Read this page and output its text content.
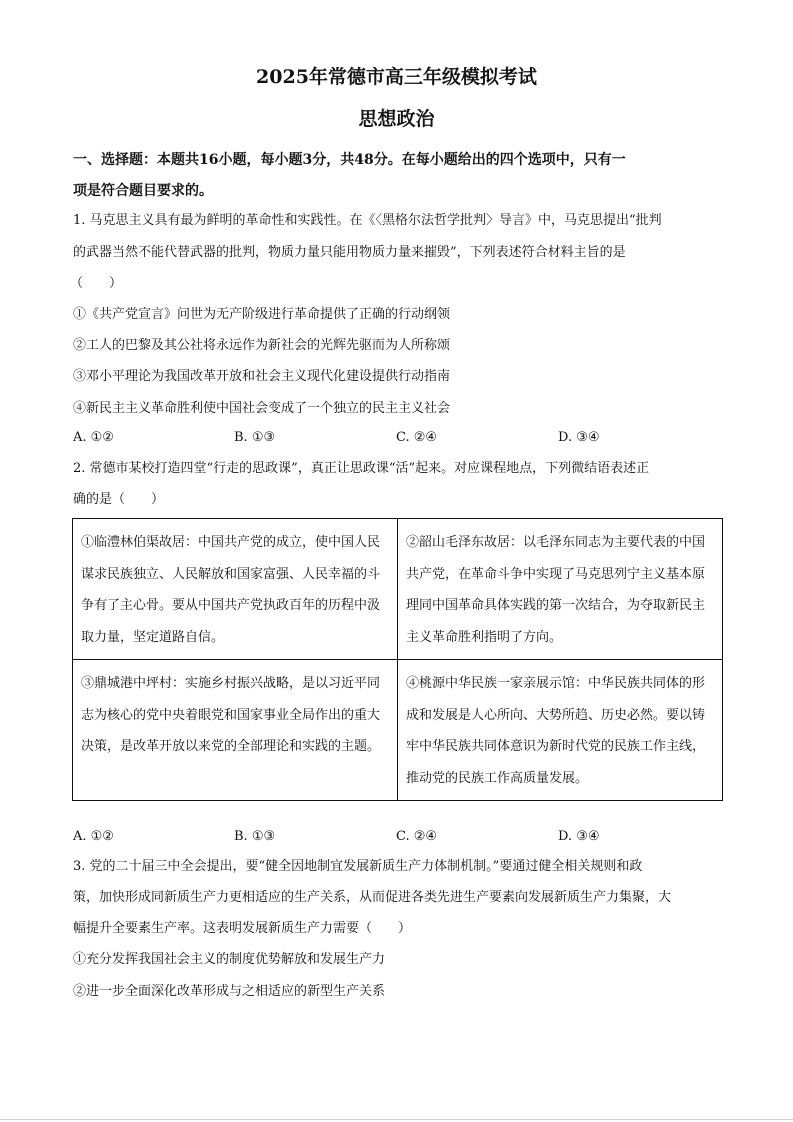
2025年常德市高三年级模拟考试
思想政治
一、选择题：本题共16小题，每小题3分，共48分。在每小题给出的四个选项中，只有一
项是符合题目要求的。
1. 马克思主义具有最为鲜明的革命性和实践性。在《〈黑格尔法哲学批判〉导言》中，马克思提出“批判
的武器当然不能代替武器的批判，物质力量只能用物质力量来摧毁”，下列表述符合材料主旨的是
（　　）
①《共产党宣言》问世为无产阶级进行革命提供了正确的行动纲领
②工人的巴黎及其公社将永远作为新社会的光辉先驱而为人所称颂
③邓小平理论为我国改革开放和社会主义现代化建设提供行动指南
④新民主主义革命胜利使中国社会变成了一个独立的民主主义社会
A. ①②	B. ①③	C. ②④	D. ③④
2. 常德市某校打造四堂“行走的思政课”，真正让思政课“活”起来。对应课程地点，下列微结语表述正
确的是（　　）
①临澧林伯渠故居：中国共产党的成立，使中国人民谋求民族独立、人民解放和国家富强、人民幸福的斗争有了主心骨。要从中国共产党执政百年的历程中汲取力量，坚定道路自信。	②韶山毛泽东故居：以毛泽东同志为主要代表的中国共产党，在革命斗争中实现了马克思列宁主义基本原理同中国革命具体实践的第一次结合，为夺取新民主主义革命胜利指明了方向。
③鼎城港中坪村：实施乡村振兴战略，是以习近平同志为核心的党中央着眼党和国家事业全局作出的重大决策，是改革开放以来党的全部理论和实践的主题。	④桃源中华民族一家亲展示馆：中华民族共同体的形成和发展是人心所向、大势所趋、历史必然。要以铸牢中华民族共同体意识为新时代党的民族工作主线，推动党的民族工作高质量发展。
A. ①②	B. ①③	C. ②④	D. ③④
3. 党的二十届三中全会提出，要“健全因地制宜发展新质生产力体制机制。”要通过健全相关规则和政
策，加快形成同新质生产力更相适应的生产关系，从而促进各类先进生产要素向发展新质生产力集聚，大
幅提升全要素生产率。这表明发展新质生产力需要（　　）
①充分发挥我国社会主义的制度优势解放和发展生产力
②进一步全面深化改革形成与之相适应的新型生产关系
